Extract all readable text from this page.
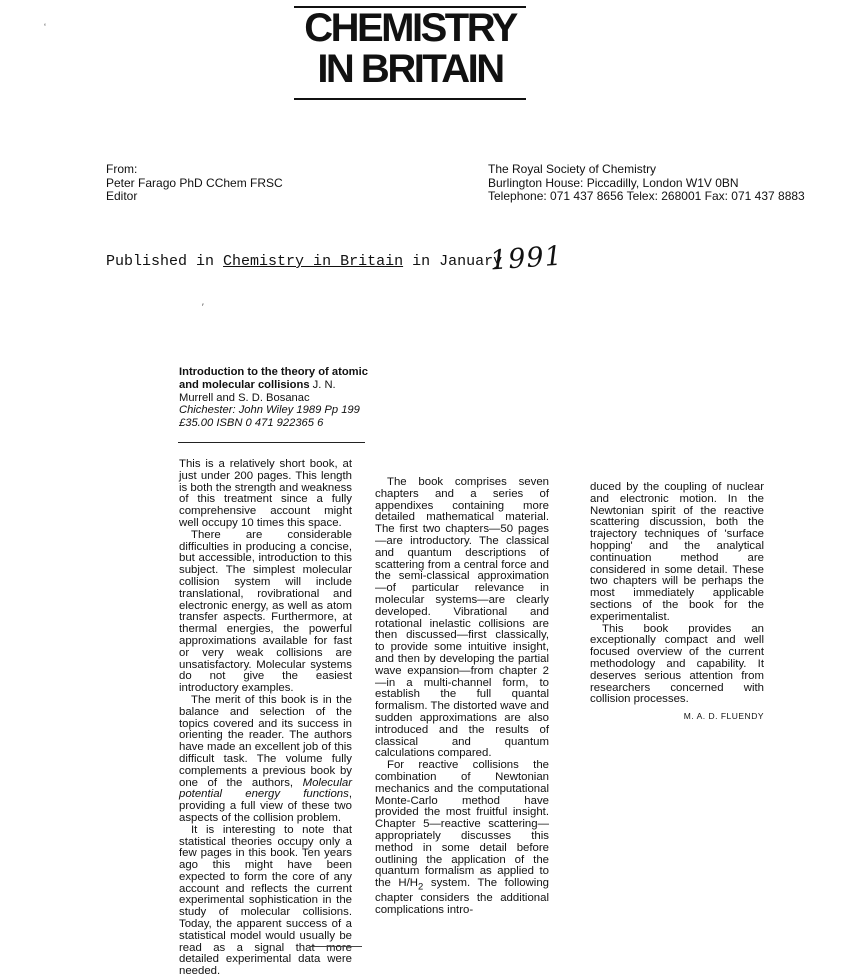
CHEMISTRY
IN BRITAIN
From:
Peter Farago PhD CChem FRSC
Editor
The Royal Society of Chemistry
Burlington House: Piccadilly, London W1V 0BN
Telephone: 071 437 8656 Telex: 268001 Fax: 071 437 8883
Published in Chemistry in Britain in January
1991
‘
′
Introduction to the theory of atomic and molecular collisions J. N. Murrell and S. D. Bosanac Chichester: John Wiley 1989 Pp 199 £35.00 ISBN 0 471 922365 6

This is a relatively short book, at just under 200 pages. This length is both the strength and weakness of this treatment since a fully comprehensive account might well occupy 10 times this space.

There are considerable difficulties in producing a concise, but accessible, introduction to this subject. The simplest molecular collision system will include translational, rovibrational and electronic energy, as well as atom transfer aspects. Furthermore, at thermal energies, the powerful approximations available for fast or very weak collisions are unsatisfactory. Molecular systems do not give the easiest introductory examples.

The merit of this book is in the balance and selection of the topics covered and its success in orienting the reader. The authors have made an excellent job of this difficult task. The volume fully complements a previous book by one of the authors, Molecular potential energy functions, providing a full view of these two aspects of the collision problem.

It is interesting to note that statistical theories occupy only a few pages in this book. Ten years ago this might have been expected to form the core of any account and reflects the current experimental sophistication in the study of molecular collisions. Today, the apparent success of a statistical model would usually be read as a signal that more detailed experimental data were needed.

The book comprises seven chapters and a series of appendixes containing more detailed mathematical material. The first two chapters—50 pages—are introductory. The classical and quantum descriptions of scattering from a central force and the semi-classical approximation—of particular relevance in molecular systems—are clearly developed. Vibrational and rotational inelastic collisions are then discussed—first classically, to provide some intuitive insight, and then by developing the partial wave expansion—from chapter 2—in a multi-channel form, to establish the full quantal formalism. The distorted wave and sudden approximations are also introduced and the results of classical and quantum calculations compared.

For reactive collisions the combination of Newtonian mechanics and the computational Monte-Carlo method have provided the most fruitful insight. Chapter 5—reactive scattering—appropriately discusses this method in some detail before outlining the application of the quantum formalism as applied to the $H/H_2$ system. The following chapter considers the additional complications intro-

duced by the coupling of nuclear and electronic motion. In the Newtonian spirit of the reactive scattering discussion, both the trajectory techniques of 'surface hopping' and the analytical continuation method are considered in some detail. These two chapters will be perhaps the most immediately applicable sections of the book for the experimentalist.

This book provides an exceptionally compact and well focused overview of the current methodology and capability. It deserves serious attention from researchers concerned with collision processes.

M. A. D. FLUENDY
